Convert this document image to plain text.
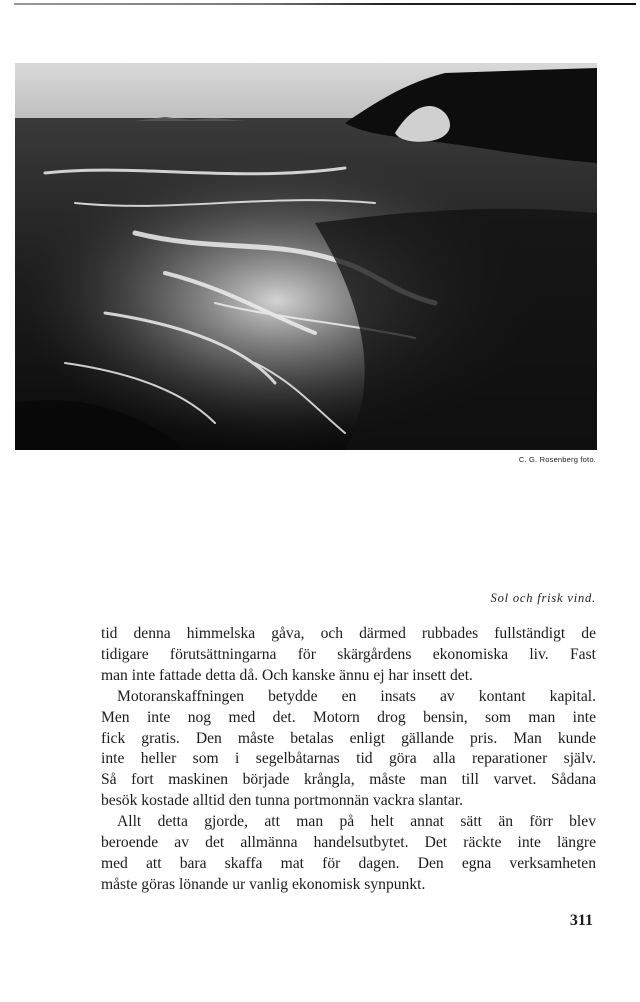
C. G. Rosenberg foto.
Sol och frisk vind.
tid denna himmelska gåva, och därmed rubbades fullständigt de
tidigare förutsättningarna för skärgårdens ekonomiska liv. Fast
man inte fattade detta då. Och kanske ännu ej har insett det.
Motoranskaffningen betydde en insats av kontant kapital.
Men inte nog med det. Motorn drog bensin, som man inte
fick gratis. Den måste betalas enligt gällande pris. Man kunde
inte heller som i segelbåtarnas tid göra alla reparationer själv.
Så fort maskinen började krångla, måste man till varvet. Sådana
besök kostade alltid den tunna portmonnän vackra slantar.
Allt detta gjorde, att man på helt annat sätt än förr blev
beroende av det allmänna handelsutbytet. Det räckte inte längre
med att bara skaffa mat för dagen. Den egna verksamheten
måste göras lönande ur vanlig ekonomisk synpunkt.
311
